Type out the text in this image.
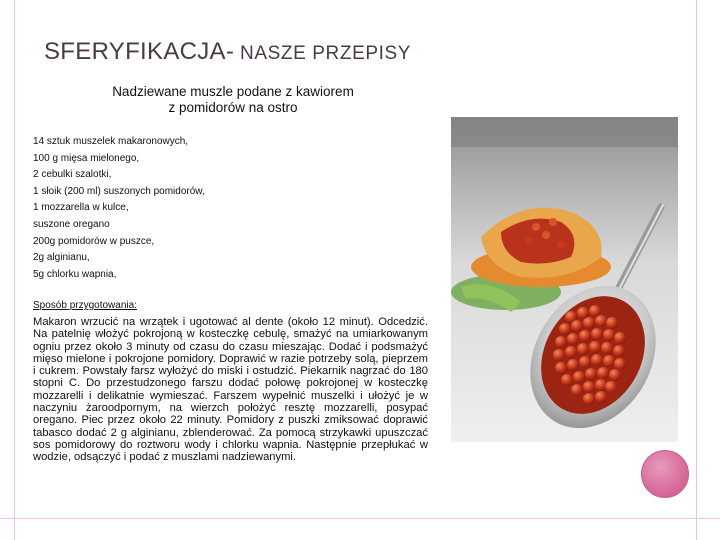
SFERYFIKACJA- NASZE PRZEPISY
Nadziewane muszle podane z kawiorem
z pomidorów na ostro
14 sztuk muszelek makaronowych,
100 g mięsa mielonego,
2 cebulki szalotki,
1 słoik (200 ml) suszonych pomidorów,
1 mozzarella w kulce,
suszone oregano
200g pomidorów w puszce,
2g alginianu,
5g chlorku wapnia,
Sposób przygotowania:

Makaron wrzucić na wrzątek i ugotować al dente (około 12 minut). Odcedzić. Na patelnię włożyć pokrojoną w kosteczkę cebulę, smażyć na umiarkowanym ogniu przez około 3 minuty od czasu do czasu mieszając. Dodać i podsmażyć mięso mielone i pokrojone pomidory. Doprawić w razie potrzeby solą, pieprzem i cukrem. Powstały farsz wyłożyć do miski i ostudzić. Piekarnik nagrzać do 180 stopni C. Do przestudzonego farszu dodać połowę pokrojonej w kosteczkę mozzarelli i delikatnie wymieszać. Farszem wypełnić muszelki i ułożyć je w naczyniu żaroodpornym, na wierzch położyć resztę mozzarelli, posypać oregano. Piec przez około 22 minuty. Pomidory z puszki zmiksować doprawić tabasco dodać 2 g alginianu, zblenderować. Za pomocą strzykawki upuszczać sos pomidorowy do roztworu wody i chlorku wapnia. Następnie przepłukać w wodzie, odsączyć i podać z muszlami nadziewanymi.
